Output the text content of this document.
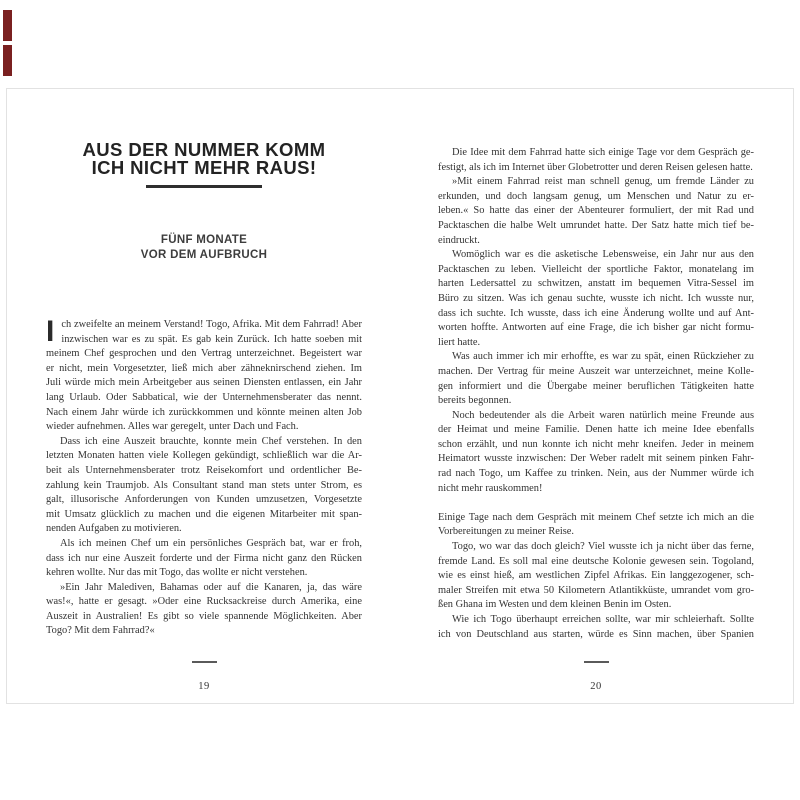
AUS DER NUMMER KOMM
ICH NICHT MEHR RAUS!
FÜNF MONATE
VOR DEM AUFBRUCH
I ch zweifelte an meinem Verstand! Togo, Afrika. Mit dem Fahrrad! Aber
inzwischen war es zu spät. Es gab kein Zurück. Ich hatte soeben mit
meinem Chef gesprochen und den Vertrag unterzeichnet. Begeistert war
er nicht, mein Vorgesetzter, ließ mich aber zähneknirschend ziehen. Im
Juli würde mich mein Arbeitgeber aus seinen Diensten entlassen, ein Jahr
lang Urlaub. Oder Sabbatical, wie der Unternehmensberater das nennt.
Nach einem Jahr würde ich zurückkommen und könnte meinen alten Job
wieder aufnehmen. Alles war geregelt, unter Dach und Fach.
Dass ich eine Auszeit brauchte, konnte mein Chef verstehen. In den
letzten Monaten hatten viele Kollegen gekündigt, schließlich war die Ar-
beit als Unternehmensberater trotz Reisekomfort und ordentlicher Be-
zahlung kein Traumjob. Als Consultant stand man stets unter Strom, es
galt, illusorische Anforderungen von Kunden umzusetzen, Vorgesetzte
mit Umsatz glücklich zu machen und die eigenen Mitarbeiter mit span-
nenden Aufgaben zu motivieren.
Als ich meinen Chef um ein persönliches Gespräch bat, war er froh,
dass ich nur eine Auszeit forderte und der Firma nicht ganz den Rücken
kehren wollte. Nur das mit Togo, das wollte er nicht verstehen.
»Ein Jahr Malediven, Bahamas oder auf die Kanaren, ja, das wäre
was!«, hatte er gesagt. »Oder eine Rucksackreise durch Amerika, eine
Auszeit in Australien! Es gibt so viele spannende Möglichkeiten. Aber
Togo? Mit dem Fahrrad?«
19
Die Idee mit dem Fahrrad hatte sich einige Tage vor dem Gespräch ge-
festigt, als ich im Internet über Globetrotter und deren Reisen gelesen hatte.
»Mit einem Fahrrad reist man schnell genug, um fremde Länder zu
erkunden, und doch langsam genug, um Menschen und Natur zu er-
leben.« So hatte das einer der Abenteurer formuliert, der mit Rad und
Packtaschen die halbe Welt umrundet hatte. Der Satz hatte mich tief be-
eindruckt.
Womöglich war es die asketische Lebensweise, ein Jahr nur aus den
Packtaschen zu leben. Vielleicht der sportliche Faktor, monatelang im
harten Ledersattel zu schwitzen, anstatt im bequemen Vitra-Sessel im
Büro zu sitzen. Was ich genau suchte, wusste ich nicht. Ich wusste nur,
dass ich suchte. Ich wusste, dass ich eine Änderung wollte und auf Ant-
worten hoffte. Antworten auf eine Frage, die ich bisher gar nicht formu-
liert hatte.
Was auch immer ich mir erhoffte, es war zu spät, einen Rückzieher zu
machen. Der Vertrag für meine Auszeit war unterzeichnet, meine Kolle-
gen informiert und die Übergabe meiner beruflichen Tätigkeiten hatte
bereits begonnen.
Noch bedeutender als die Arbeit waren natürlich meine Freunde aus
der Heimat und meine Familie. Denen hatte ich meine Idee ebenfalls
schon erzählt, und nun konnte ich nicht mehr kneifen. Jeder in meinem
Heimatort wusste inzwischen: Der Weber radelt mit seinem pinken Fahr-
rad nach Togo, um Kaffee zu trinken. Nein, aus der Nummer würde ich
nicht mehr rauskommen!
Einige Tage nach dem Gespräch mit meinem Chef setzte ich mich an die
Vorbereitungen zu meiner Reise.
Togo, wo war das doch gleich? Viel wusste ich ja nicht über das ferne,
fremde Land. Es soll mal eine deutsche Kolonie gewesen sein. Togoland,
wie es einst hieß, am westlichen Zipfel Afrikas. Ein langgezogener, sch-
maler Streifen mit etwa 50 Kilometern Atlantikküste, umrandet vom gro-
ßen Ghana im Westen und dem kleinen Benin im Osten.
Wie ich Togo überhaupt erreichen sollte, war mir schleierhaft. Sollte
ich von Deutschland aus starten, würde es Sinn machen, über Spanien
20
